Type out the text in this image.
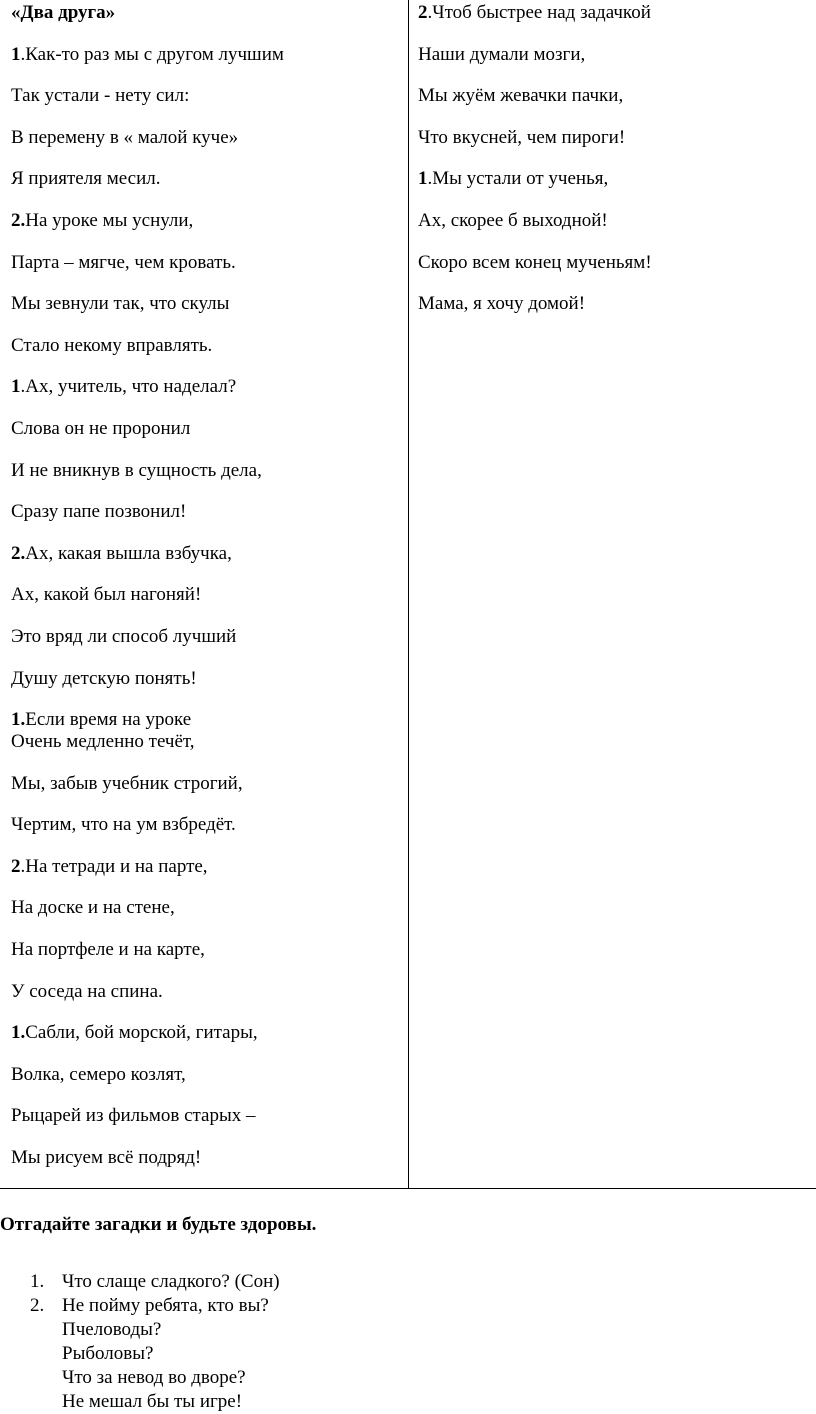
«Два друга»
1.Как-то раз мы с другом лучшим
Так устали - нету сил:
В перемену в « малой куче»
Я приятеля месил.
2.На уроке мы уснули,
Парта – мягче, чем кровать.
Мы зевнули так, что скулы
Стало некому вправлять.
1.Ах, учитель, что наделал?
Слова он не проронил
И не вникнув в сущность дела,
Сразу папе позвонил!
2.Ах, какая вышла взбучка,
Ах, какой был нагоняй!
Это вряд ли способ лучший
Душу детскую понять!
1.Если время на уроке
Очень медленно течёт,
Мы, забыв учебник строгий,
Чертим, что на ум взбредёт.
2.На тетради и на парте,
На доске и на стене,
На портфеле и на карте,
У соседа на спина.
1.Сабли, бой морской, гитары,
Волка, семеро козлят,
Рыцарей из фильмов старых –
Мы рисуем всё подряд!
2.Чтоб быстрее над задачкой
Наши думали мозги,
Мы жуём жевачки пачки,
Что вкусней, чем пироги!
1.Мы устали от ученья,
Ах, скорее б выходной!
Скоро всем конец мученьям!
Мама, я хочу домой!
Отгадайте загадки и будьте здоровы.
1. Что слаще сладкого? (Сон)
2. Не пойму ребята, кто вы?
Пчеловоды?
Рыболовы?
Что за невод во дворе?
Не мешал бы ты игре!
